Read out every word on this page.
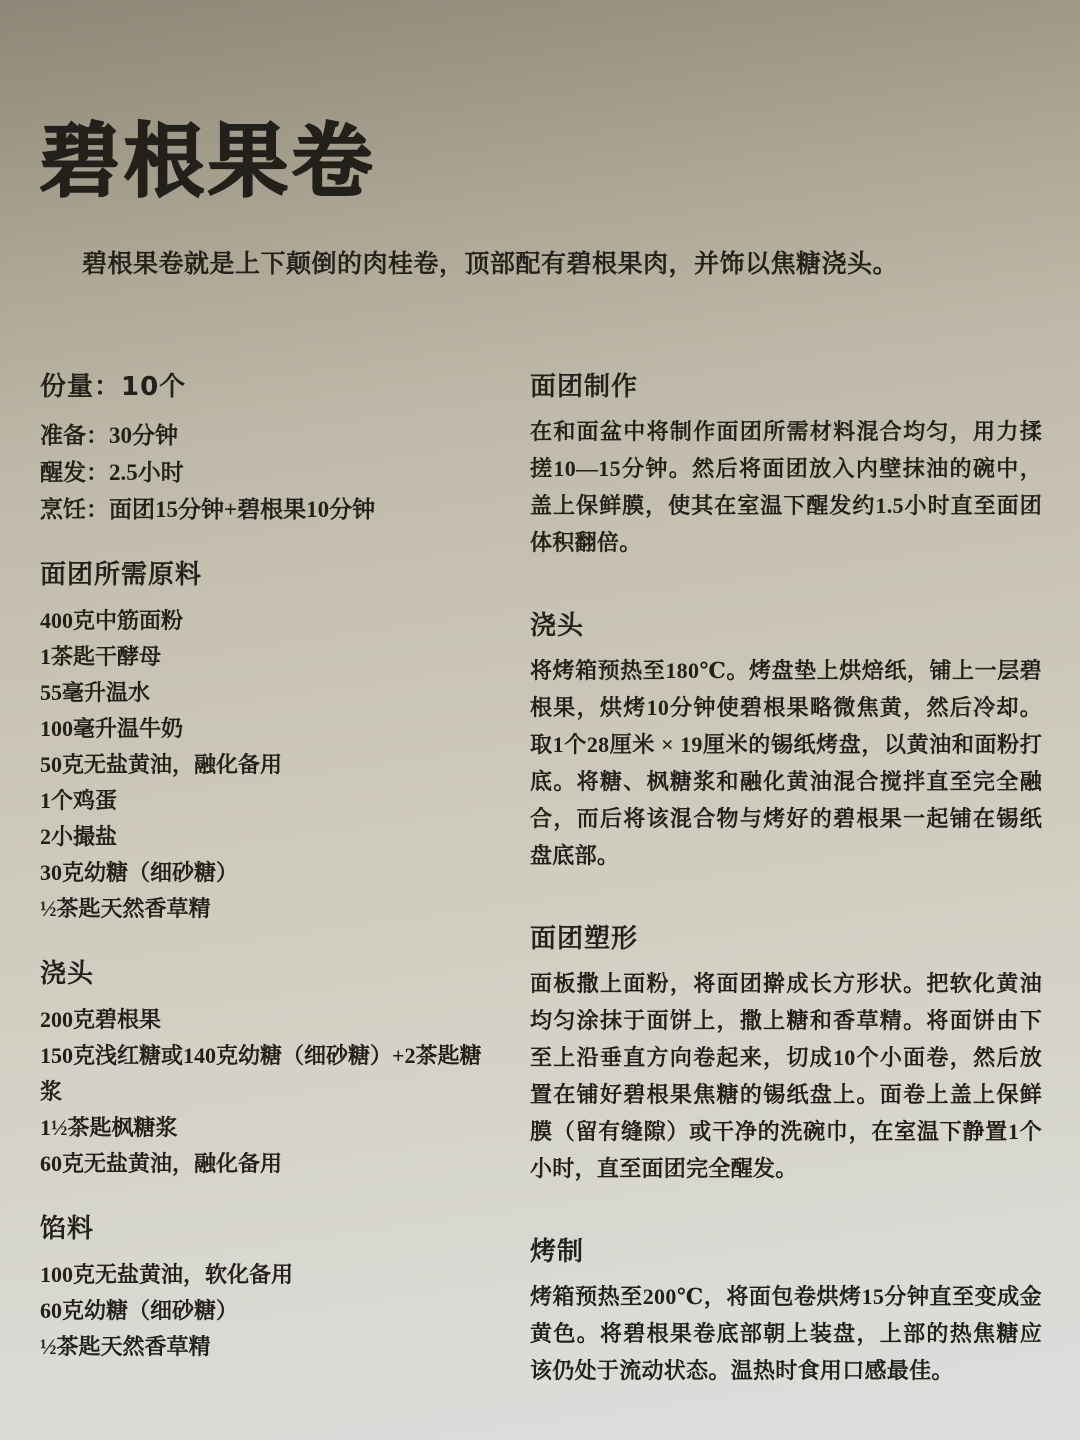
碧根果卷
碧根果卷就是上下颠倒的肉桂卷，顶部配有碧根果肉，并饰以焦糖浇头。
份量：10个
准备：30分钟
醒发：2.5小时
烹饪：面团15分钟+碧根果10分钟
面团所需原料
400克中筋面粉
1茶匙干酵母
55毫升温水
100毫升温牛奶
50克无盐黄油，融化备用
1个鸡蛋
2小撮盐
30克幼糖（细砂糖）
½茶匙天然香草精
浇头
200克碧根果
150克浅红糖或140克幼糖（细砂糖）+2茶匙糖浆
1½茶匙枫糖浆
60克无盐黄油，融化备用
馅料
100克无盐黄油，软化备用
60克幼糖（细砂糖）
½茶匙天然香草精
面团制作
在和面盆中将制作面团所需材料混合均匀，用力揉搓10—15分钟。然后将面团放入内壁抹油的碗中，盖上保鲜膜，使其在室温下醒发约1.5小时直至面团体积翻倍。
浇头
将烤箱预热至180℃。烤盘垫上烘焙纸，铺上一层碧根果，烘烤10分钟使碧根果略微焦黄，然后冷却。取1个28厘米 × 19厘米的锡纸烤盘，以黄油和面粉打底。将糖、枫糖浆和融化黄油混合搅拌直至完全融合，而后将该混合物与烤好的碧根果一起铺在锡纸盘底部。
面团塑形
面板撒上面粉，将面团擀成长方形状。把软化黄油均匀涂抹于面饼上，撒上糖和香草精。将面饼由下至上沿垂直方向卷起来，切成10个小面卷，然后放置在铺好碧根果焦糖的锡纸盘上。面卷上盖上保鲜膜（留有缝隙）或干净的洗碗巾，在室温下静置1个小时，直至面团完全醒发。
烤制
烤箱预热至200℃，将面包卷烘烤15分钟直至变成金黄色。将碧根果卷底部朝上装盘，上部的热焦糖应该仍处于流动状态。温热时食用口感最佳。
